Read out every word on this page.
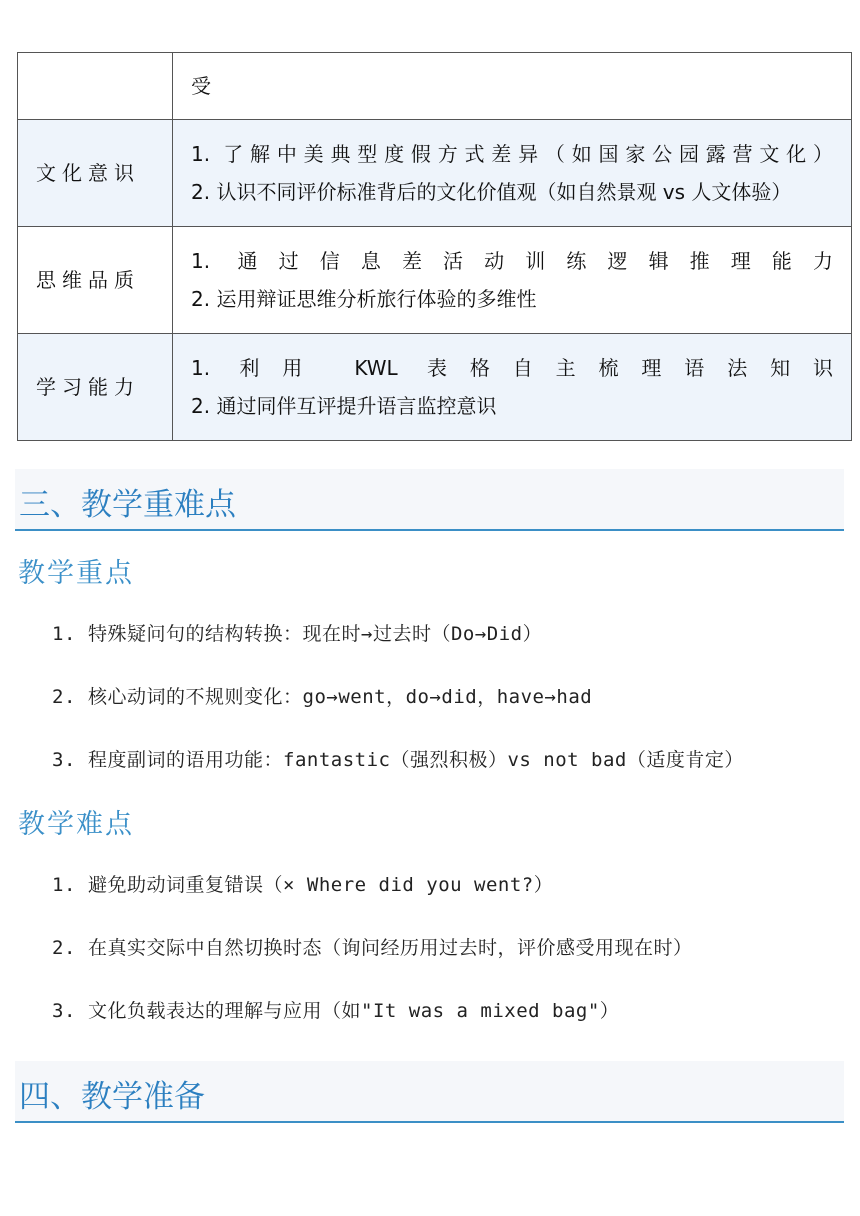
	受

文化意识	1. 了解中美典型度假方式差异（如国家公园露营文化）
2. 认识不同评价标准背后的文化价值观（如自然景观 vs 人文体验）

思维品质	1. 通过信息差活动训练逻辑推理能力
2. 运用辩证思维分析旅行体验的多维性

学习能力	1. 利用 KWL 表格自主梳理语法知识
2. 通过同伴互评提升语言监控意识
三、教学重难点
教学重点
1. 特殊疑问句的结构转换：现在时→过去时（Do→Did）
2. 核心动词的不规则变化：go→went，do→did，have→had
3. 程度副词的语用功能：fantastic（强烈积极）vs not bad（适度肯定）
教学难点
1. 避免助动词重复错误（× Where did you went?）
2. 在真实交际中自然切换时态（询问经历用过去时，评价感受用现在时）
3. 文化负载表达的理解与应用（如"It was a mixed bag"）
四、教学准备
